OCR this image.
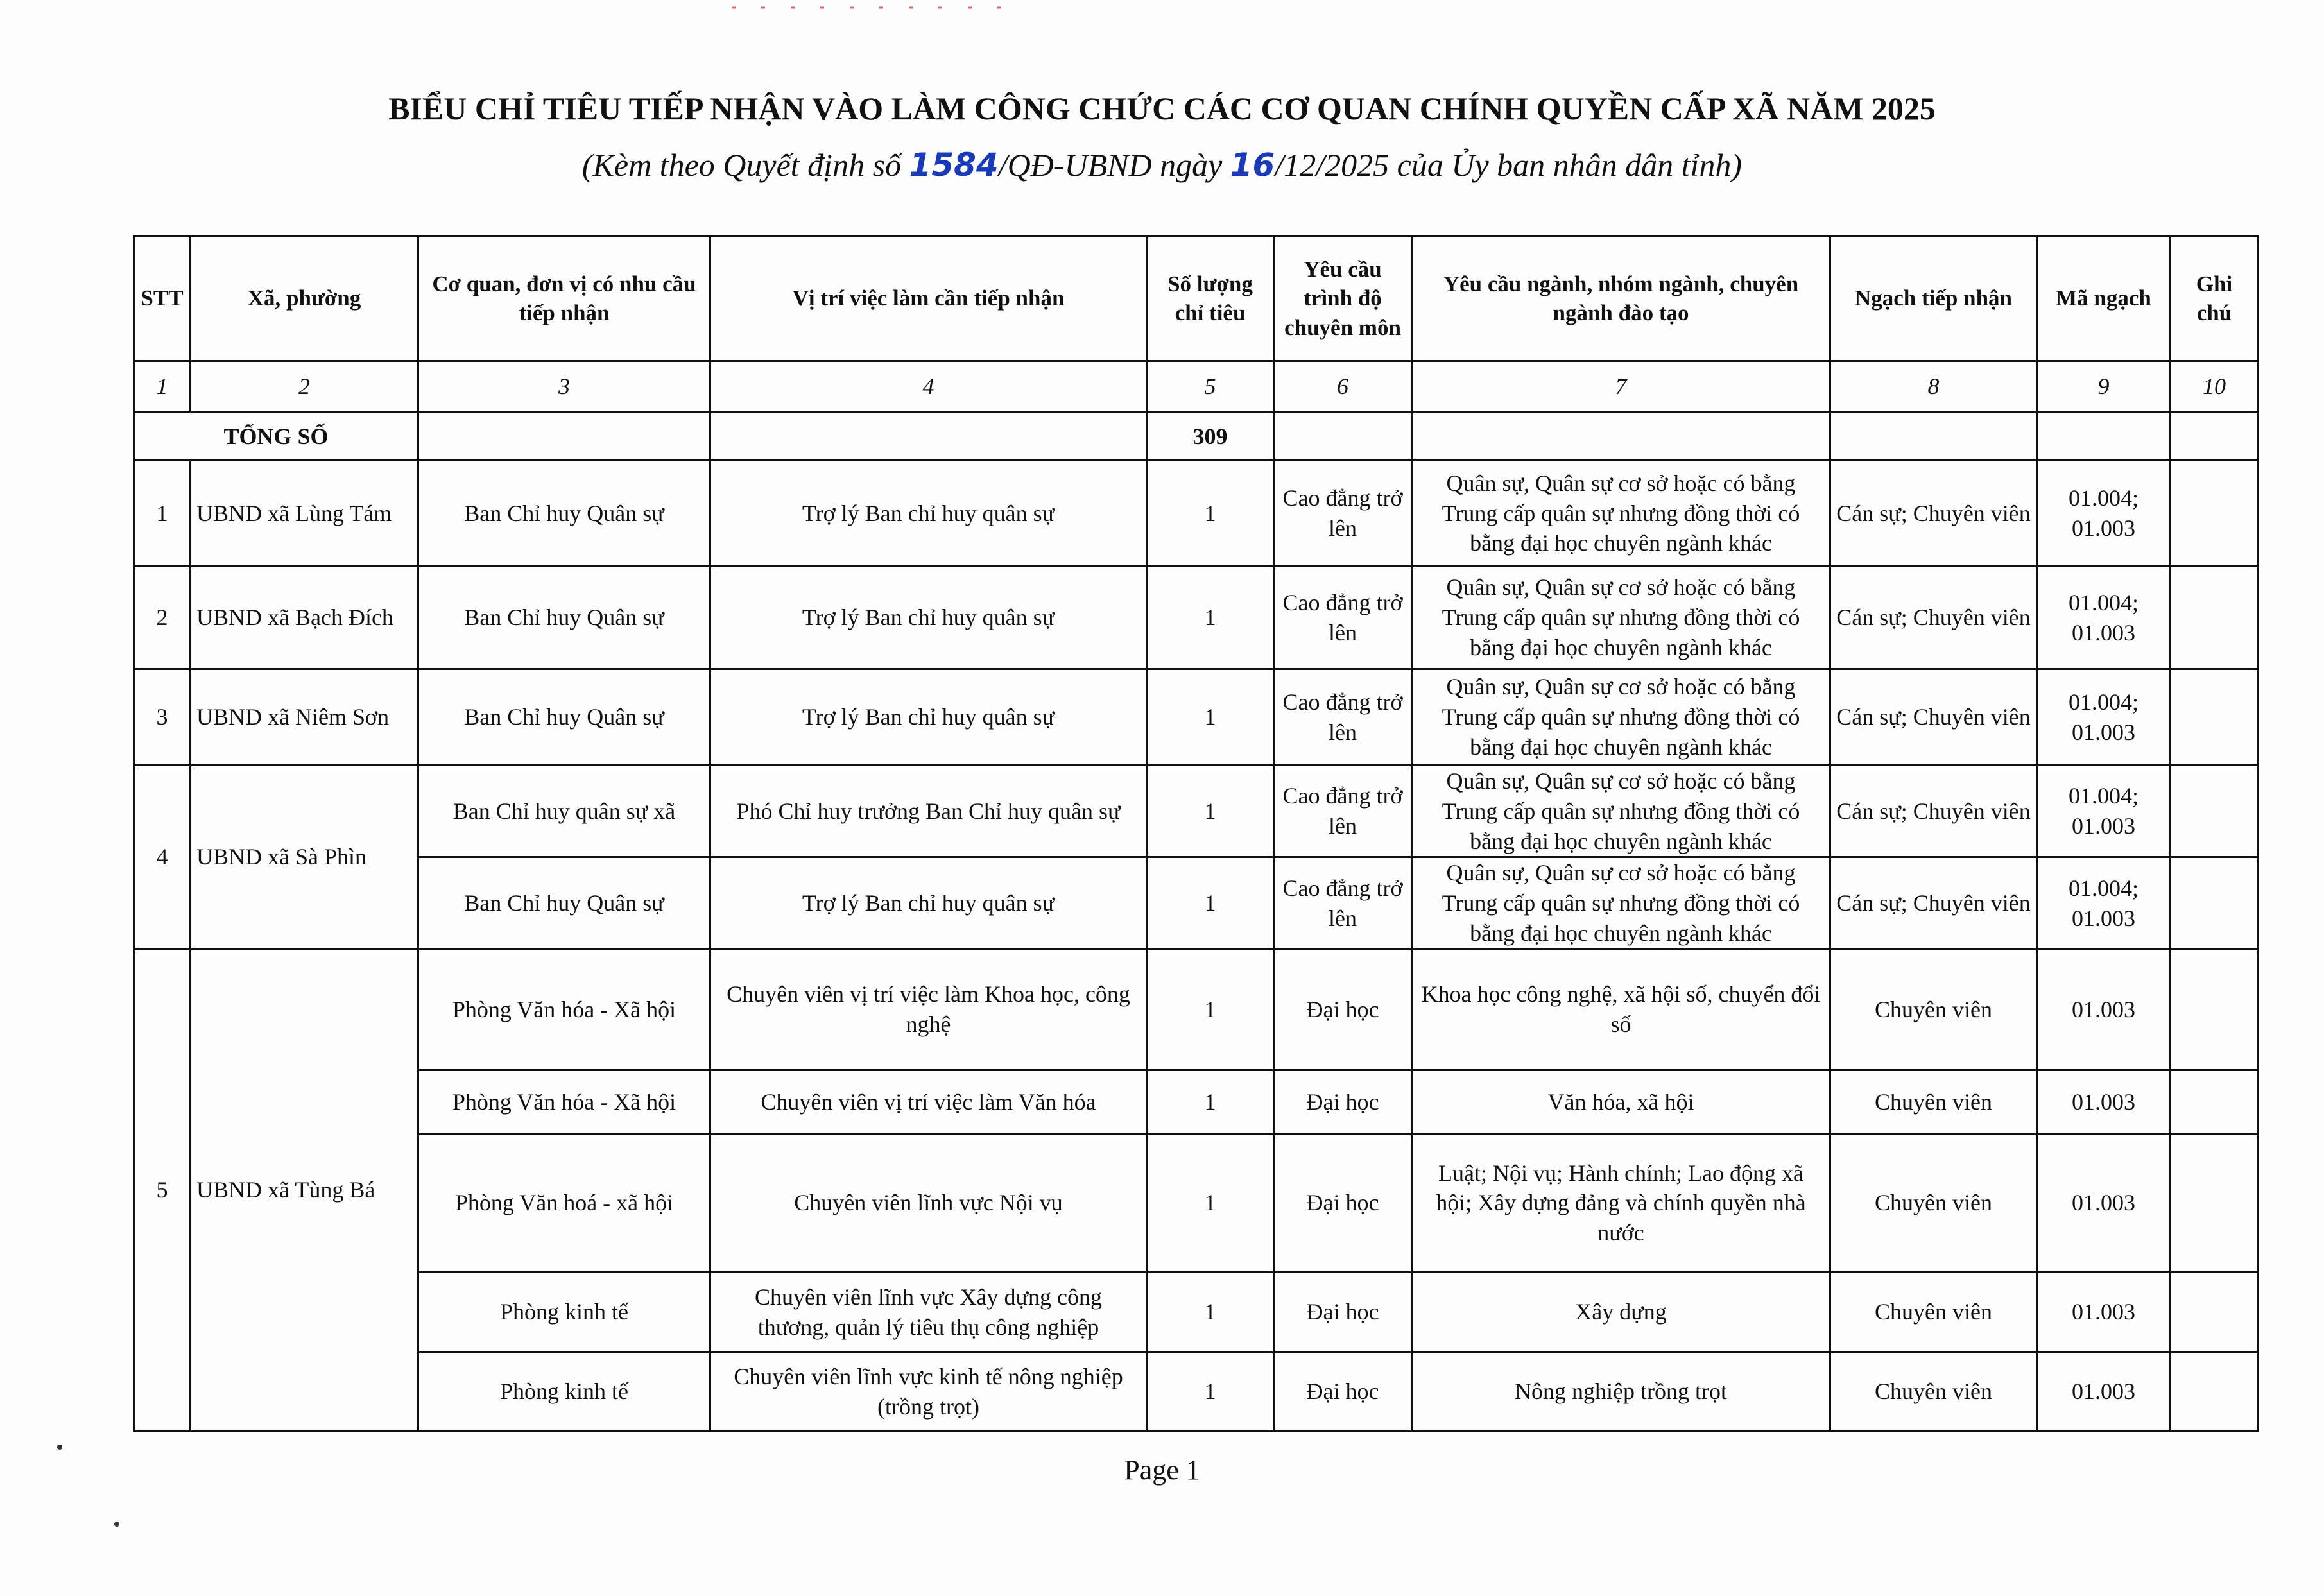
BIỂU CHỈ TIÊU TIẾP NHẬN VÀO LÀM CÔNG CHỨC CÁC CƠ QUAN CHÍNH QUYỀN CẤP XÃ NĂM 2025
(Kèm theo Quyết định số 1584/QĐ-UBND ngày 16/12/2025 của Ủy ban nhân dân tỉnh)
STT	Xã, phường	Cơ quan, đơn vị có nhu cầu tiếp nhận	Vị trí việc làm cần tiếp nhận	Số lượng chỉ tiêu	Yêu cầu trình độ chuyên môn	Yêu cầu ngành, nhóm ngành, chuyên ngành đào tạo	Ngạch tiếp nhận	Mã ngạch	Ghi chú
1	2	3	4	5	6	7	8	9	10
TỔNG SỐ				309					
1	UBND xã Lùng Tám	Ban Chỉ huy Quân sự	Trợ lý Ban chỉ huy quân sự	1	Cao đẳng trở lên	Quân sự, Quân sự cơ sở hoặc có bằng Trung cấp quân sự nhưng đồng thời có bằng đại học chuyên ngành khác	Cán sự; Chuyên viên	01.004; 01.003	
2	UBND xã Bạch Đích	Ban Chỉ huy Quân sự	Trợ lý Ban chỉ huy quân sự	1	Cao đẳng trở lên	Quân sự, Quân sự cơ sở hoặc có bằng Trung cấp quân sự nhưng đồng thời có bằng đại học chuyên ngành khác	Cán sự; Chuyên viên	01.004; 01.003	
3	UBND xã Niêm Sơn	Ban Chỉ huy Quân sự	Trợ lý Ban chỉ huy quân sự	1	Cao đẳng trở lên	Quân sự, Quân sự cơ sở hoặc có bằng Trung cấp quân sự nhưng đồng thời có bằng đại học chuyên ngành khác	Cán sự; Chuyên viên	01.004; 01.003	
4	UBND xã Sà Phìn	Ban Chỉ huy quân sự xã	Phó Chỉ huy trưởng Ban Chỉ huy quân sự	1	Cao đẳng trở lên	Quân sự, Quân sự cơ sở hoặc có bằng Trung cấp quân sự nhưng đồng thời có bằng đại học chuyên ngành khác	Cán sự; Chuyên viên	01.004; 01.003	
		Ban Chỉ huy Quân sự	Trợ lý Ban chỉ huy quân sự	1	Cao đẳng trở lên	Quân sự, Quân sự cơ sở hoặc có bằng Trung cấp quân sự nhưng đồng thời có bằng đại học chuyên ngành khác	Cán sự; Chuyên viên	01.004; 01.003	
5	UBND xã Tùng Bá	Phòng Văn hóa - Xã hội	Chuyên viên vị trí việc làm Khoa học, công nghệ	1	Đại học	Khoa học công nghệ, xã hội số, chuyển đổi số	Chuyên viên	01.003	
		Phòng Văn hóa - Xã hội	Chuyên viên vị trí việc làm Văn hóa	1	Đại học	Văn hóa, xã hội	Chuyên viên	01.003	
		Phòng Văn hoá - xã hội	Chuyên viên lĩnh vực Nội vụ	1	Đại học	Luật; Nội vụ; Hành chính; Lao động xã hội; Xây dựng đảng và chính quyền nhà nước	Chuyên viên	01.003	
		Phòng kinh tế	Chuyên viên lĩnh vực Xây dựng công thương, quản lý tiêu thụ công nghiệp	1	Đại học	Xây dựng	Chuyên viên	01.003	
		Phòng kinh tế	Chuyên viên lĩnh vực kinh tế nông nghiệp (trồng trọt)	1	Đại học	Nông nghiệp trồng trọt	Chuyên viên	01.003	
Page 1
